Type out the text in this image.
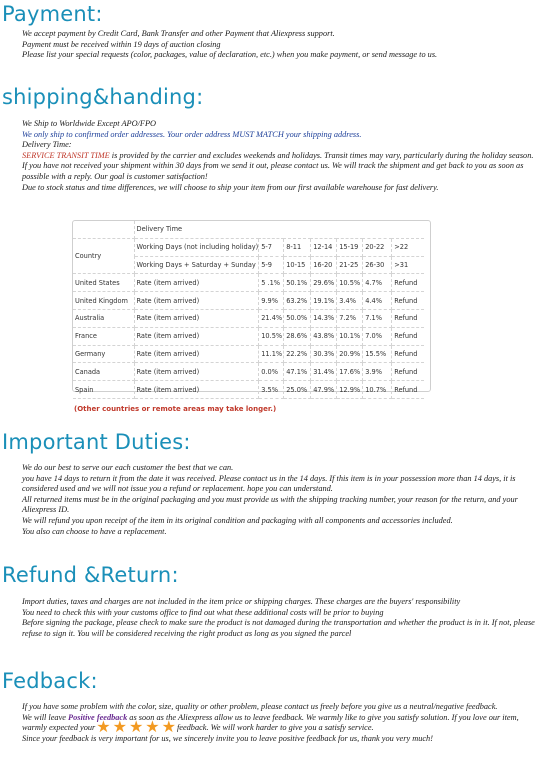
Payment:

We accept payment by Credit Card, Bank Transfer and other Payment that Aliexpress support.

Payment must be received within 19 days of auction closing

Please list your special requests (color, packages, value of declaration, etc.) when you make payment, or send message to us.

shipping&handing:

We Ship to Worldwide Except APO/FPO

We only ship to confirmed order addresses. Your order address MUST MATCH your shipping address.

Delivery Time:

SERVICE TRANSIT TIME is provided by the carrier and excludes weekends and holidays. Transit times may vary, particularly during the holiday season.

If you have not received your shipment within 30 days from we send it out, please contact us. We will track the shipment and get back to you as soon as possible with a reply. Our goal is customer satisfaction!

Due to stock status and time differences, we will choose to ship your item from our first available warehouse for fast delivery.

	Delivery Time						
Country	Working Days (not including holiday)	5-7	8-11	12-14	15-19	20-22	>22
	Working Days + Saturday + Sunday	5-9	10-15	16-20	21-25	26-30	>31
United States	Rate (item arrived)	5 .1%	50.1%	29.6%	10.5%	4.7%	Refund
United Kingdom	Rate (item arrived)	9.9%	63.2%	19.1%	3.4%	4.4%	Refund
Australia	Rate (item arrived)	21.4%	50.0%	14.3%	7.2%	7.1%	Refund
France	Rate (item arrived)	10.5%	28.6%	43.8%	10.1%	7.0%	Refund
Germany	Rate (item arrived)	11.1%	22.2%	30.3%	20.9%	15.5%	Refund
Canada	Rate (item arrived)	0.0%	47.1%	31.4%	17.6%	3.9%	Refund
Spain	Rate (item arrived)	3.5%	25.0%	47.9%	12.9%	10.7%	Refund
(Other countries or remote areas may take longer.)
Important Duties:

We do our best to serve our each customer the best that we can.

you have 14 days to return it from the date it was received. Please contact us in the 14 days. If this item is in your possession more than 14 days, it is considered used and we will not issue you a refund or replacement. hope you can understand.

All returned items must be in the original packaging and you must provide us with the shipping tracking number, your reason for the return, and your Aliexpress ID.

We will refund you upon receipt of the item in its original condition and packaging with all components and accessories included.

You also can choose to have a replacement.

Refund &Return:

Import duties, taxes and charges are not included in the item price or shipping charges. These charges are the buyers' responsibility

You need to check this with your customs office to find out what these additional costs will be prior to buying

Before signing the package, please check to make sure the product is not damaged during the transportation and whether the product is in it. If not, please refuse to sign it. You will be considered receiving the right product as long as you signed the parcel

Fedback:

If you have some problem with the color, size, quality or other problem, please contact us freely before you give us a neutral/negative feedback.

We will leave Positive feedback as soon as the Aliexpress allow us to leave feedback. We warmly like to give you satisfy solution. If you love our item, warmly expected your★ ★ ★ ★ ★feedback. We will work harder to give you a satisfy service.

Since your feedback is very important for us, we sincerely invite you to leave positive feedback for us, thank you very much!
